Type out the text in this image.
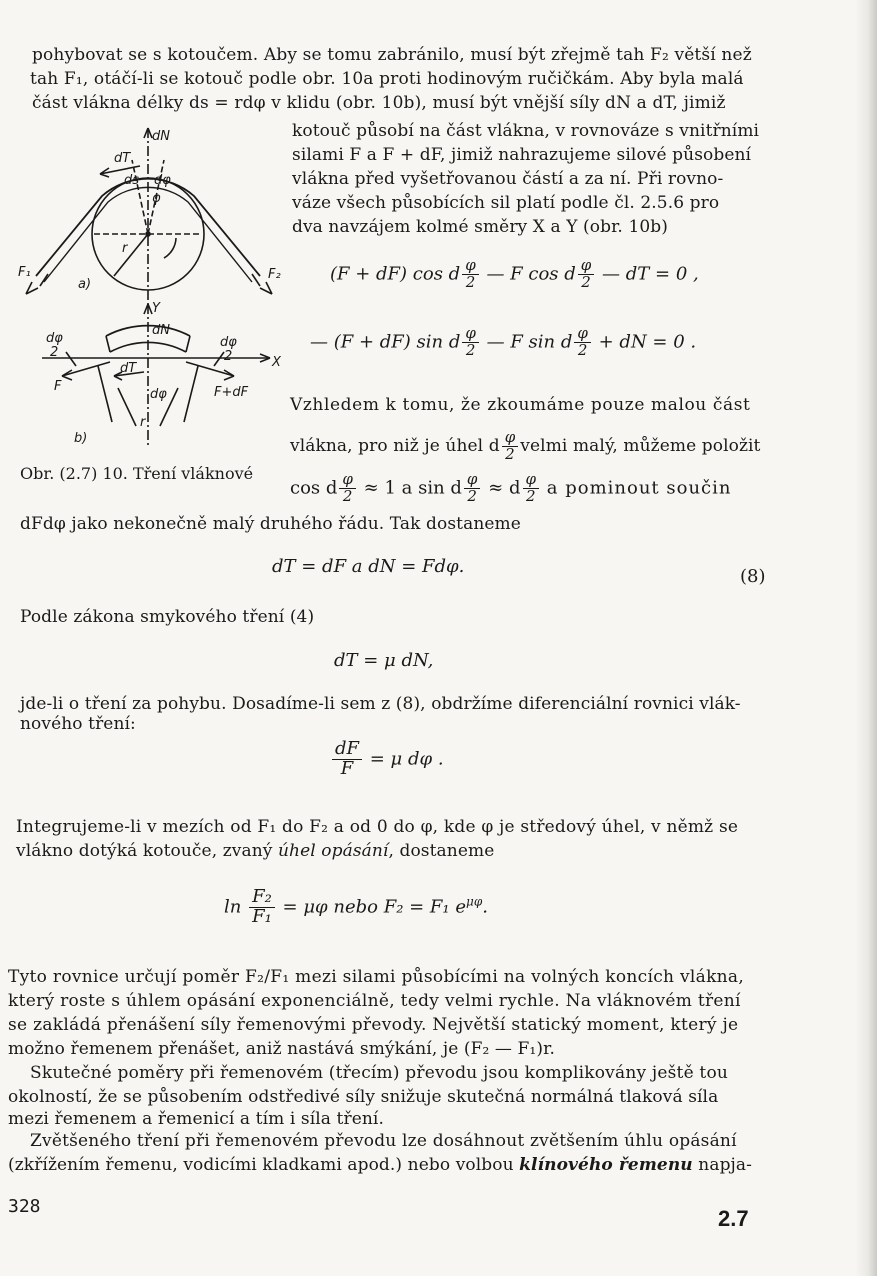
pohybovat se s kotoučem. Aby se tomu zabránilo, musí být zřejmě tah F₂ větší než
tah F₁, otáčí-li se kotouč podle obr. 10a proti hodinovým ručičkám. Aby byla malá
část vlákna délky ds = rdφ v klidu (obr. 10b), musí být vnější síly dN a dT, jimiž
kotouč působí na část vlákna, v rovnováze s vnitřními
silami F a F + dF, jimiž nahrazujeme silové působení
vlákna před vyšetřovanou částí a za ní. Při rovno-
váze všech působících sil platí podle čl. 2.5.6 pro
dva navzájem kolmé směry X a Y (obr. 10b)
dN
dT
ds dφ
φ
r
F₁	F₂
a)
Y
dN
dφ
2
dφ
2	X
dT
F	F+dF
dφ
r
b)
Obr. (2.7) 10. Tření vláknové
(F + dF) cos d $\frac{\varphi}{2}$ — F cos d $\frac{\varphi}{2}$ — dT = 0 ,
— (F + dF) sin d $\frac{\varphi}{2}$ — F sin d $\frac{\varphi}{2}$ + dN = 0 .
Vzhledem k tomu, že zkoumáme pouze malou část
vlákna, pro niž je úhel d $\frac{\varphi}{2}$ velmi malý, můžeme položit
cos d $\frac{\varphi}{2} \approx 1$ a sin d $\frac{\varphi}{2} \approx d \frac{\varphi}{2}$ a pominout součin
dFdφ jako nekonečně malý druhého řádu. Tak dostaneme
dT = dF a dN = Fdφ.	(8)
Podle zákona smykového tření (4)
dT = μ dN,
jde-li o tření za pohybu. Dosadíme-li sem z (8), obdržíme diferenciální rovnici vlák-
nového tření:
$\frac{dF}{F} = \mu$ dφ .
Integrujeme-li v mezích od F₁ do F₂ a od 0 do φ, kde φ je středový úhel, v němž se
vlákno dotýká kotouče, zvaný úhel opásání, dostaneme
$\ln \frac{\text{F₂}}{\text{F₁}} = \mu\varphi$ nebo F₂ = F₁ $e^{\mu\varphi}$.
Tyto rovnice určují poměr F₂/F₁ mezi silami působícími na volných koncích vlákna,
který roste s úhlem opásání exponenciálně, tedy velmi rychle. Na vláknovém tření
se zakládá přenášení síly řemenovými převody. Největší statický moment, který je
možno řemenem přenášet, aniž nastává smýkání, je (F₂ — F₁)r.
Skutečné poměry při řemenovém (třecím) převodu jsou komplikovány ještě tou
okolností, že se působením odstředivé síly snižuje skutečná normálná tlaková síla
mezi řemenem a řemenicí a tím i síla tření.
Zvětšeného tření při řemenovém převodu lze dosáhnout zvětšením úhlu opásání
(zkřížením řemenu, vodicími kladkami apod.) nebo volbou klínového řemenu napja-
328	2.7
